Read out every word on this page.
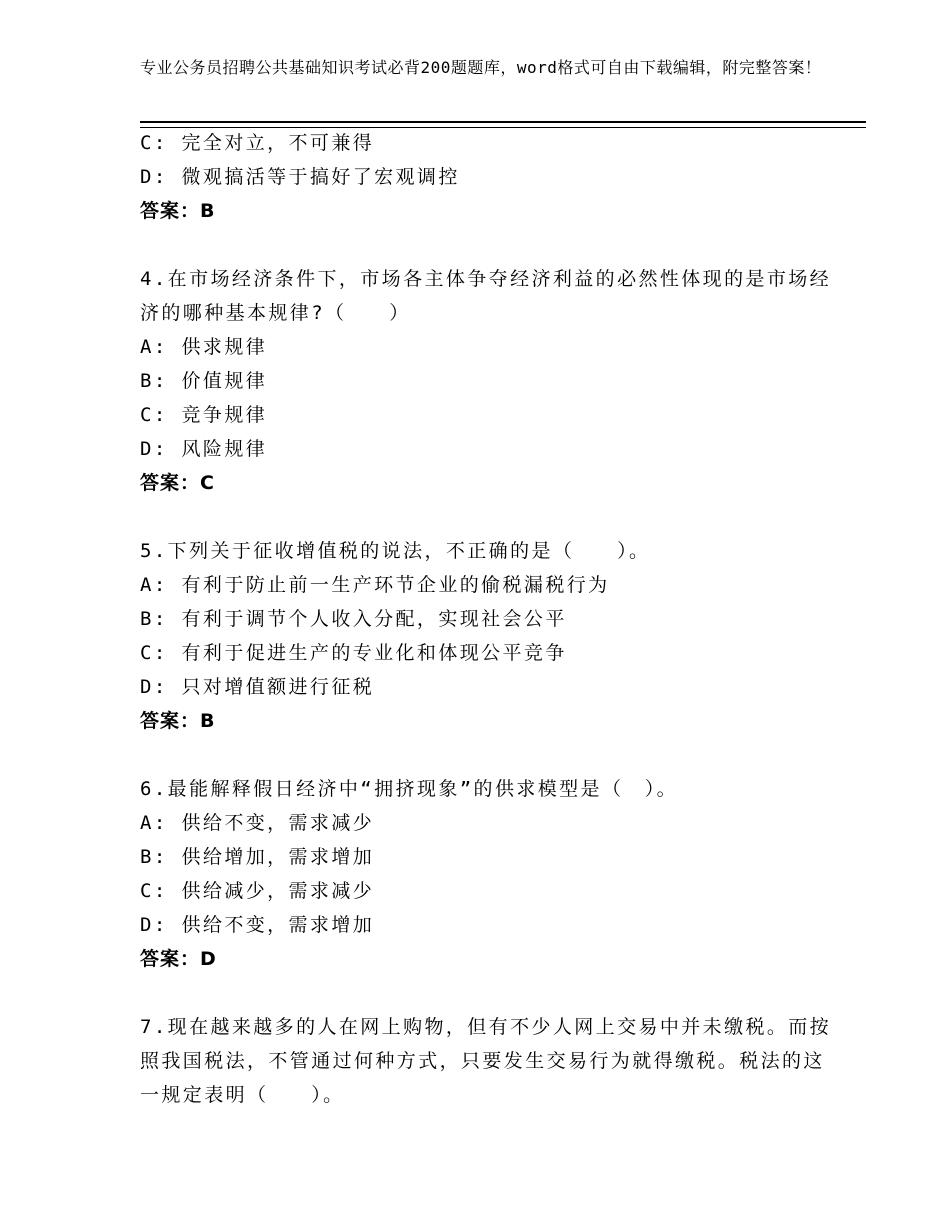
专业公务员招聘公共基础知识考试必背200题题库，word格式可自由下载编辑，附完整答案！
C: 完全对立，不可兼得
D: 微观搞活等于搞好了宏观调控
答案：B
4.在市场经济条件下，市场各主体争夺经济利益的必然性体现的是市场经济的哪种基本规律?（　　）
A: 供求规律
B: 价值规律
C: 竞争规律
D: 风险规律
答案：C
5.下列关于征收增值税的说法，不正确的是（　　）。
A: 有利于防止前一生产环节企业的偷税漏税行为
B: 有利于调节个人收入分配，实现社会公平
C: 有利于促进生产的专业化和体现公平竞争
D: 只对增值额进行征税
答案：B
6.最能解释假日经济中“拥挤现象”的供求模型是（　）。
A: 供给不变，需求减少
B: 供给增加，需求增加
C: 供给减少，需求减少
D: 供给不变，需求增加
答案：D
7.现在越来越多的人在网上购物，但有不少人网上交易中并未缴税。而按照我国税法，不管通过何种方式，只要发生交易行为就得缴税。税法的这一规定表明（　　）。
